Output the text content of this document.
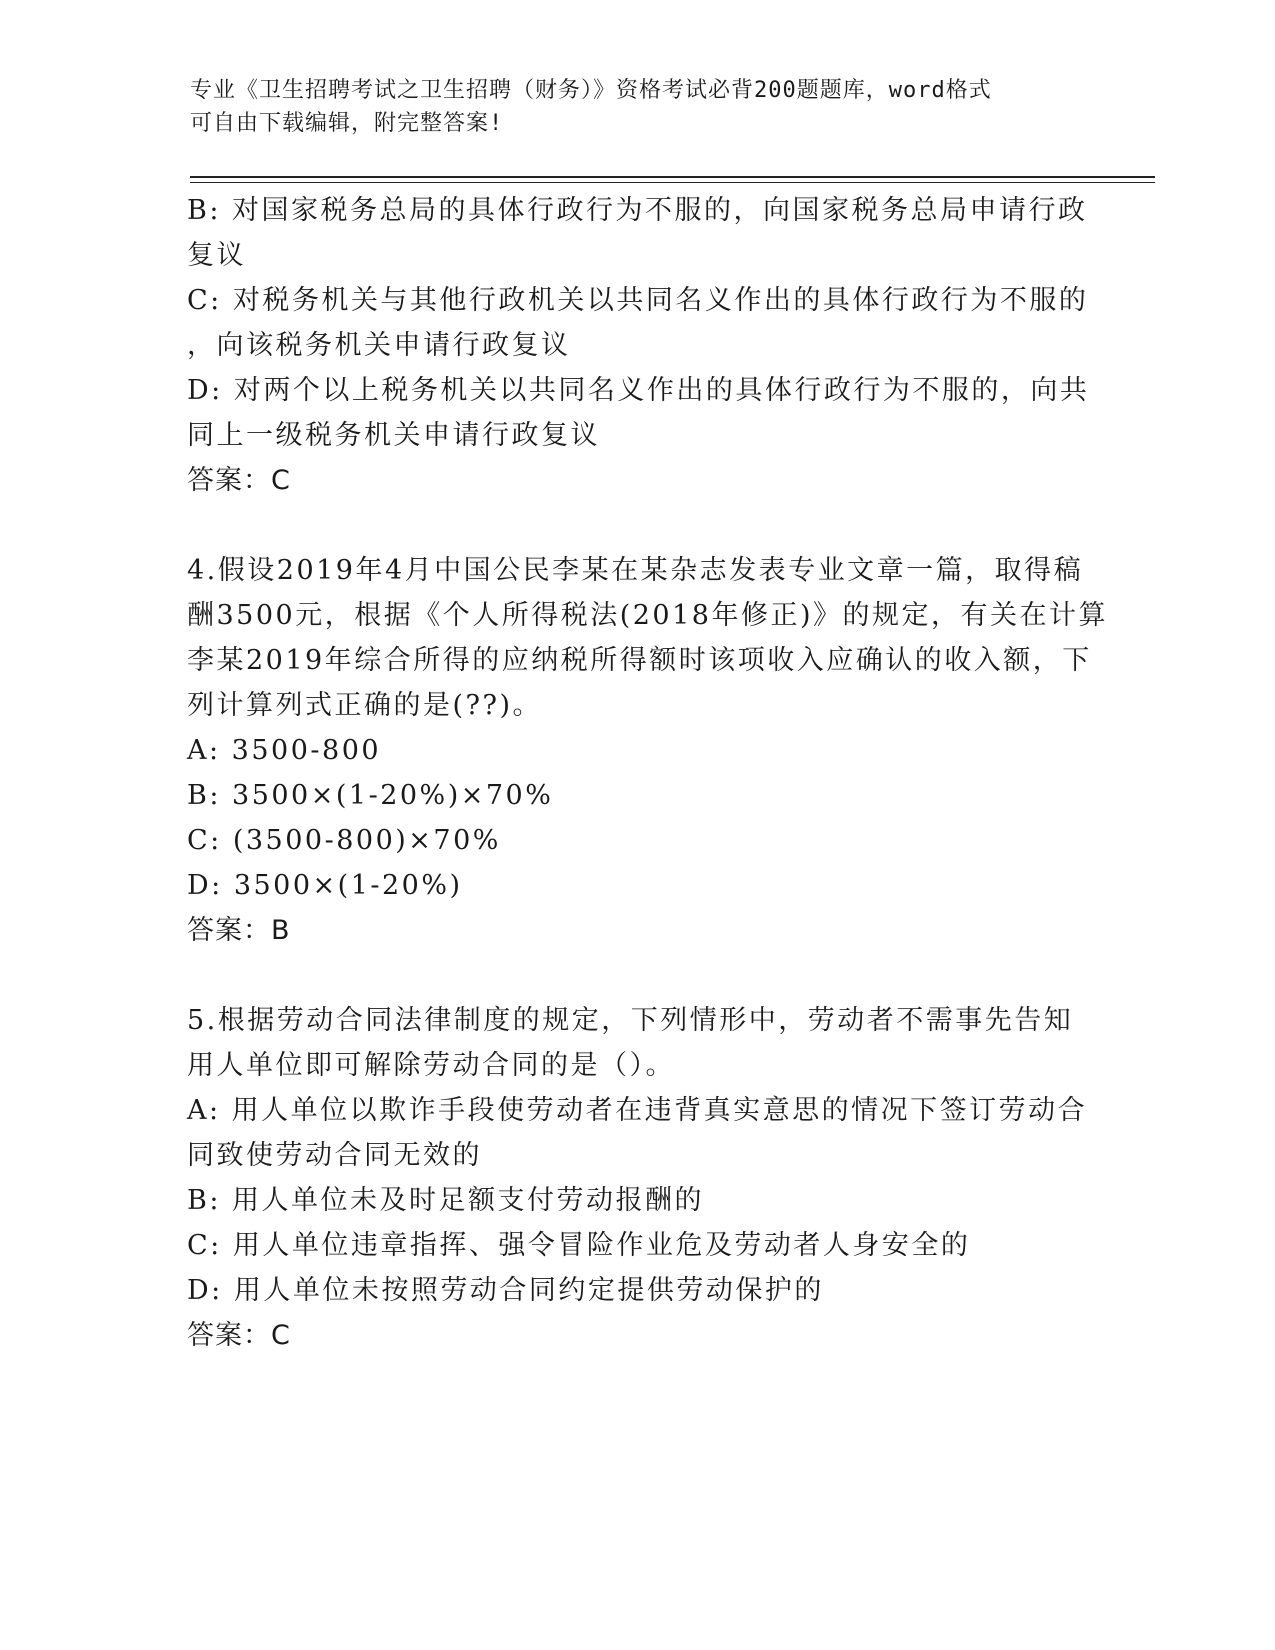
专业《卫生招聘考试之卫生招聘（财务）》资格考试必背200题题库，word格式
可自由下载编辑，附完整答案!
B: 对国家税务总局的具体行政行为不服的，向国家税务总局申请行政
复议
C: 对税务机关与其他行政机关以共同名义作出的具体行政行为不服的
，向该税务机关申请行政复议
D: 对两个以上税务机关以共同名义作出的具体行政行为不服的，向共
同上一级税务机关申请行政复议
答案：C
4.假设2019年4月中国公民李某在某杂志发表专业文章一篇，取得稿
酬3500元，根据《个人所得税法(2018年修正)》的规定，有关在计算
李某2019年综合所得的应纳税所得额时该项收入应确认的收入额，下
列计算列式正确的是(??)。
A: 3500-800
B: 3500×(1-20%)×70%
C: (3500-800)×70%
D: 3500×(1-20%)
答案：B
5.根据劳动合同法律制度的规定，下列情形中，劳动者不需事先告知
用人单位即可解除劳动合同的是（）。
A: 用人单位以欺诈手段使劳动者在违背真实意思的情况下签订劳动合
同致使劳动合同无效的
B: 用人单位未及时足额支付劳动报酬的
C: 用人单位违章指挥、强令冒险作业危及劳动者人身安全的
D: 用人单位未按照劳动合同约定提供劳动保护的
答案：C
